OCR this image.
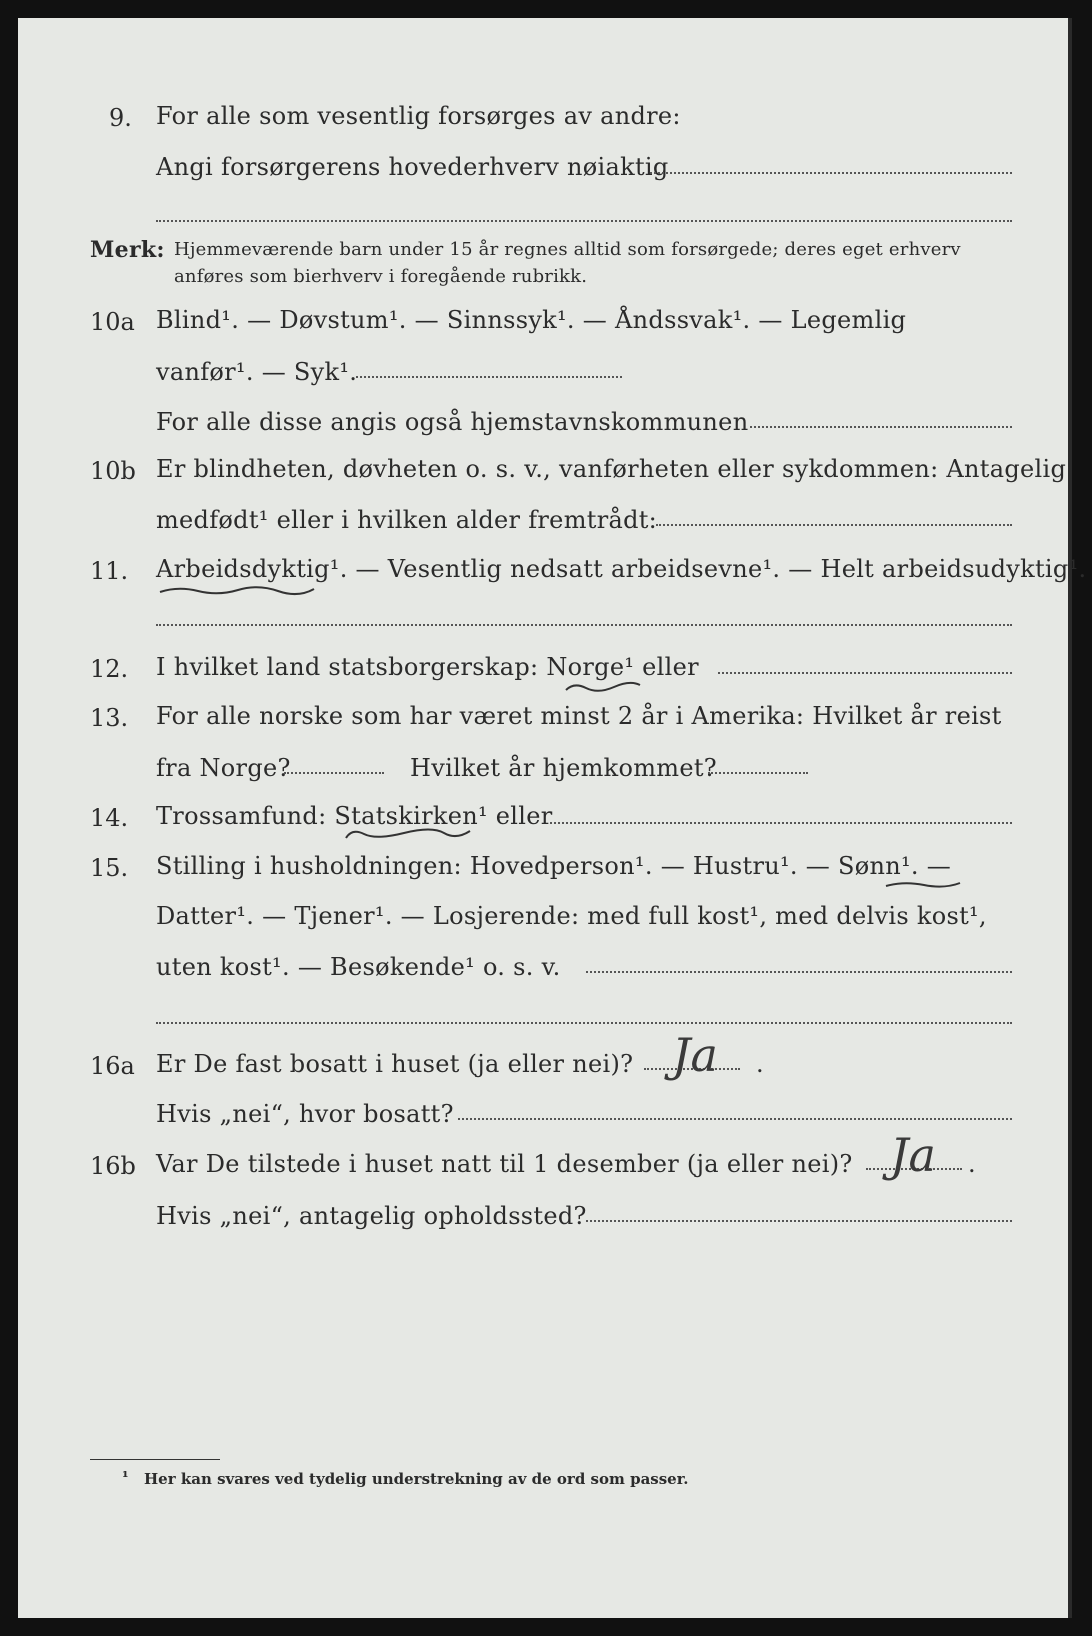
9. For alle som vesentlig forsørges av andre:
Angi forsørgerens hovederhverv nøiaktig
Merk: Hjemmeværende barn under 15 år regnes alltid som forsørgede; deres eget erhverv
anføres som bierhverv i foregående rubrikk.
10a Blind¹. — Døvstum¹. — Sinnssyk¹. — Åndssvak¹. — Legemlig
vanfør¹. — Syk¹.
For alle disse angis også hjemstavnskommunen
10b Er blindheten, døvheten o. s. v., vanførheten eller sykdommen: Antagelig
medfødt¹ eller i hvilken alder fremtrådt:
11. Arbeidsdyktig¹. — Vesentlig nedsatt arbeidsevne¹. — Helt arbeidsudyktig¹.
12. I hvilket land statsborgerskap: Norge¹ eller
13. For alle norske som har været minst 2 år i Amerika: Hvilket år reist
fra Norge?	Hvilket år hjemkommet?
14. Trossamfund: Statskirken¹ eller
15. Stilling i husholdningen: Hovedperson¹. — Hustru¹. — Sønn¹. —
Datter¹. — Tjener¹. — Losjerende: med full kost¹, med delvis kost¹,
uten kost¹. — Besøkende¹ o. s. v.
16a Er De fast bosatt i huset (ja eller nei)? Ja .
Hvis „nei“, hvor bosatt?
16b Var De tilstede i huset natt til 1 desember (ja eller nei)? Ja .
Hvis „nei“, antagelig opholdssted?
¹ Her kan svares ved tydelig understrekning av de ord som passer.
